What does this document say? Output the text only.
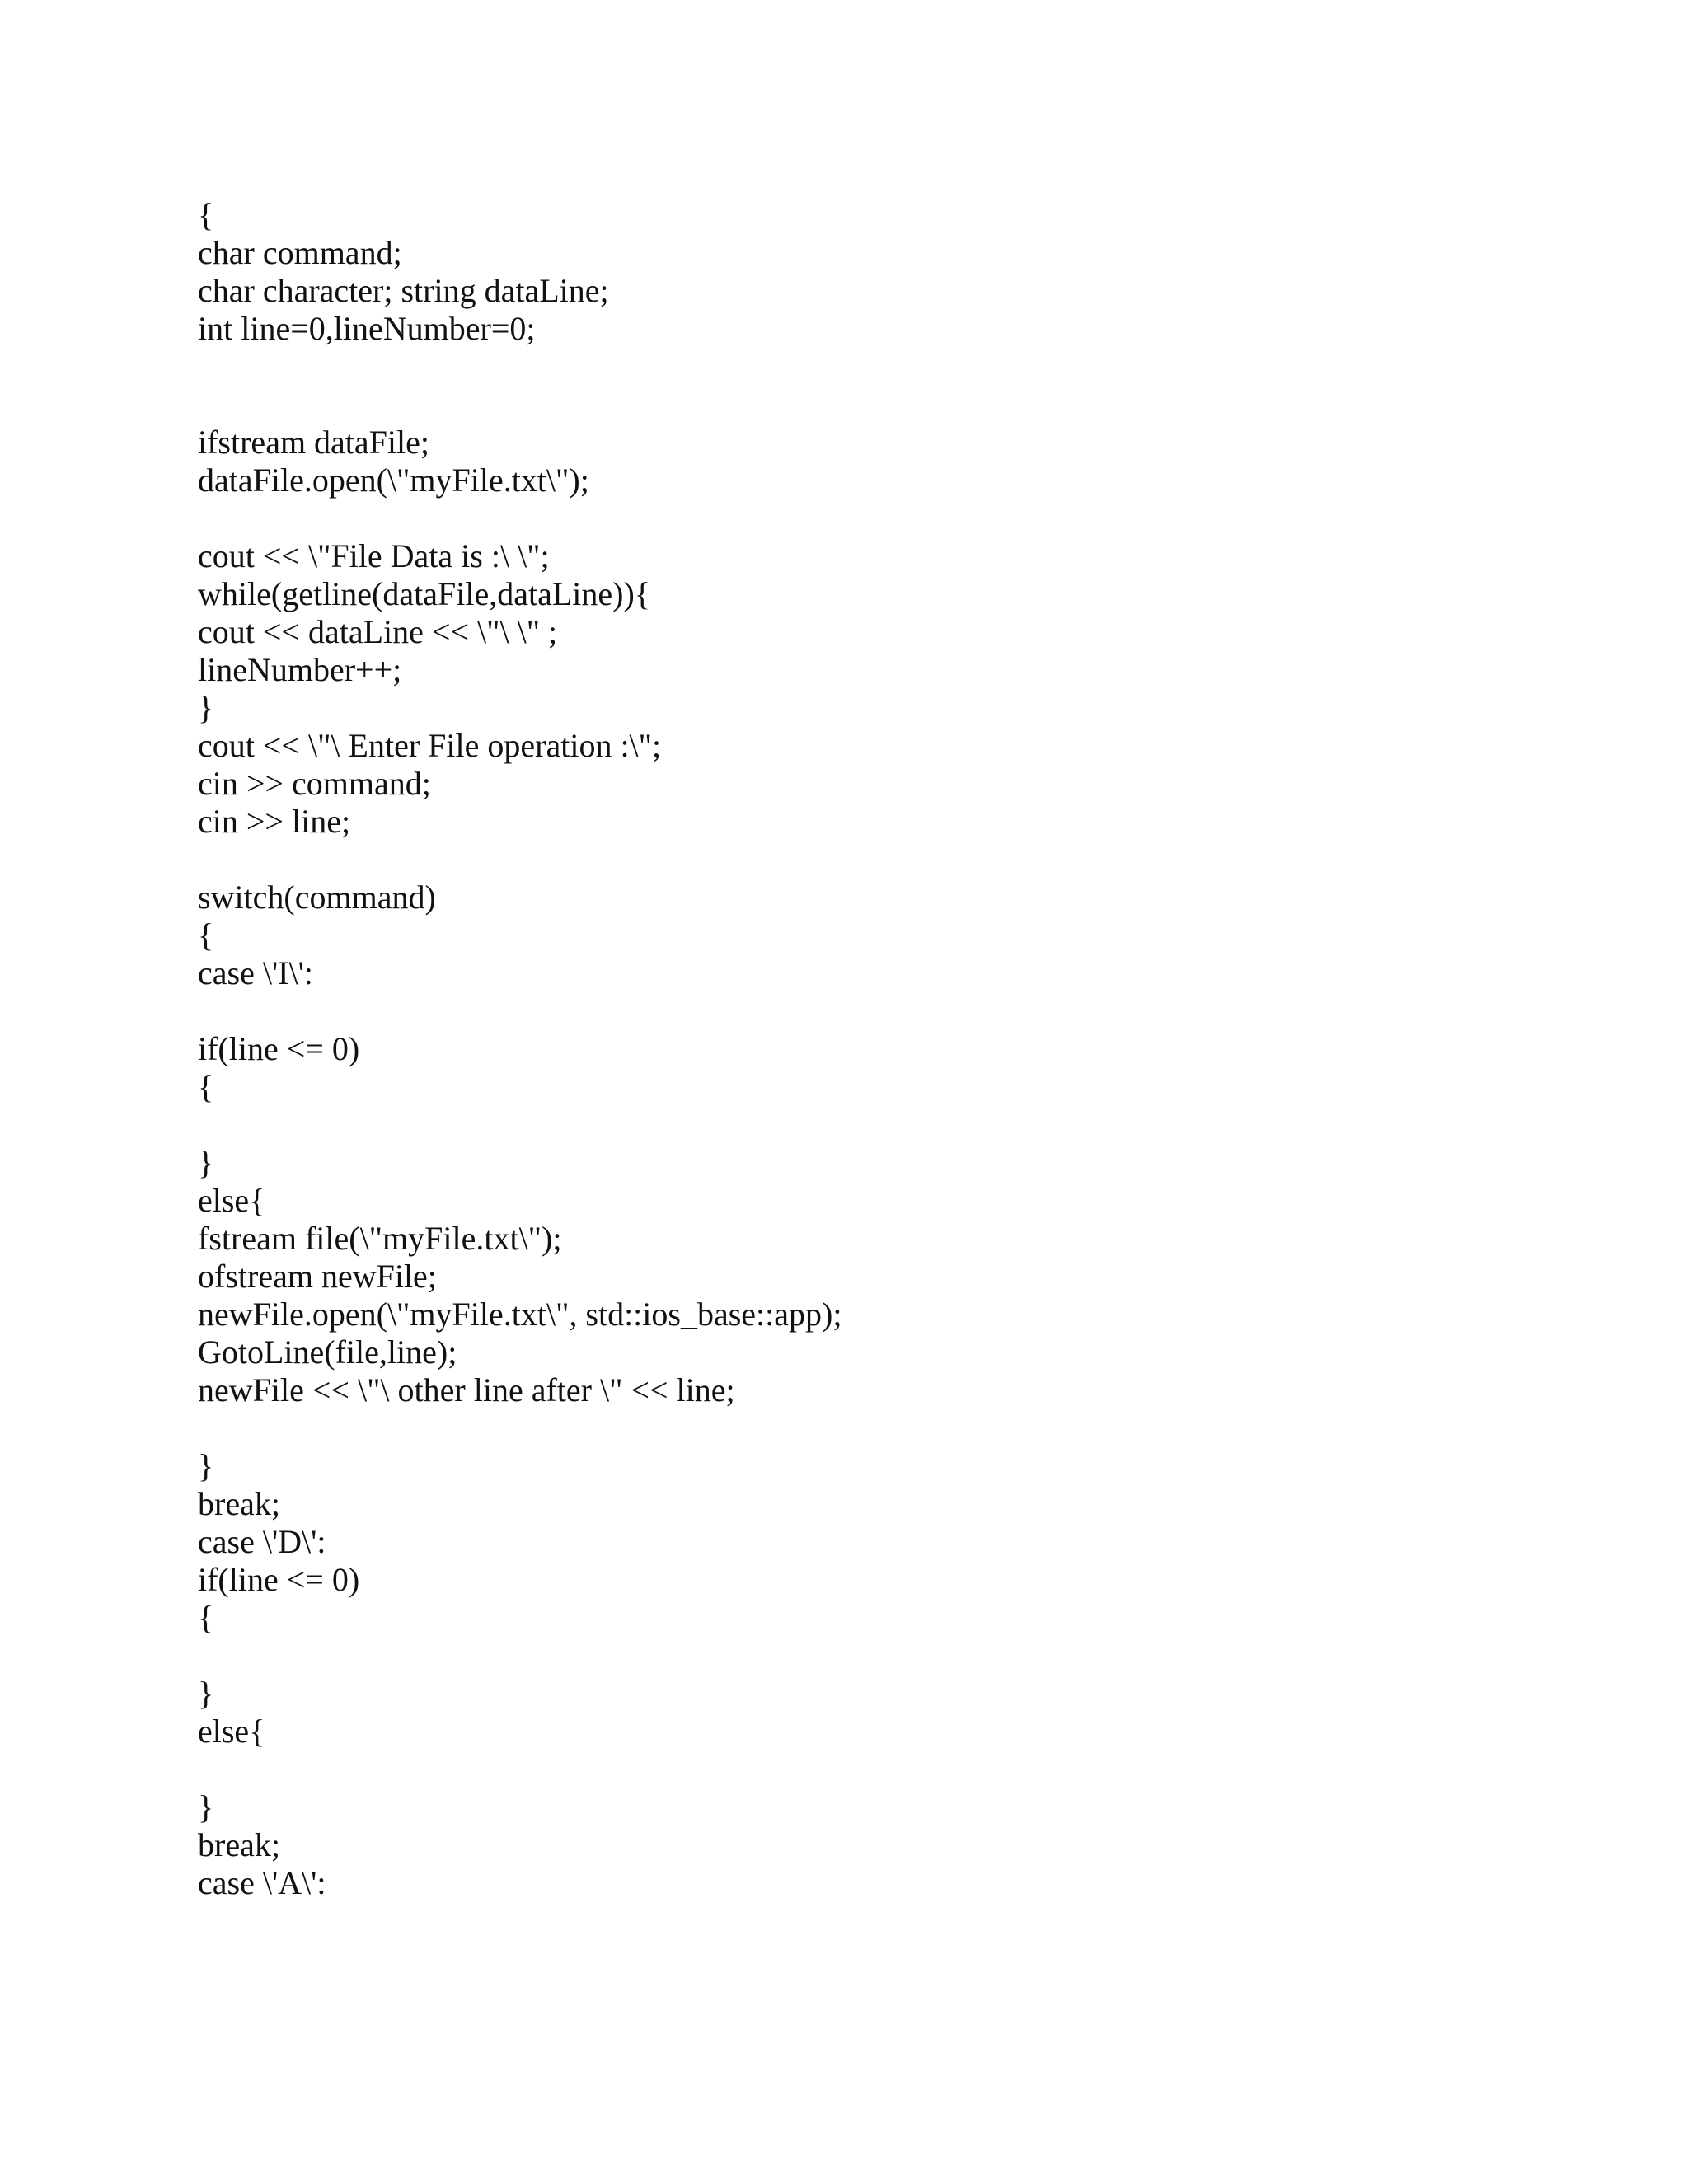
{
char command;
char character; string dataLine;
int line=0,lineNumber=0;
ifstream dataFile;
dataFile.open(\"myFile.txt\");
cout << \"File Data is :\ \";
while(getline(dataFile,dataLine)){
cout << dataLine << \"\ \" ;
lineNumber++;
}
cout << \"\ Enter File operation :\";
cin >> command;
cin >> line;
switch(command)
{
case \'I\':
if(line <= 0)
{
}
else{
fstream file(\"myFile.txt\");
ofstream newFile;
newFile.open(\"myFile.txt\", std::ios_base::app);
GotoLine(file,line);
newFile << \"\ other line after \" << line;
}
break;
case \'D\':
if(line <= 0)
{
}
else{
}
break;
case \'A\':
